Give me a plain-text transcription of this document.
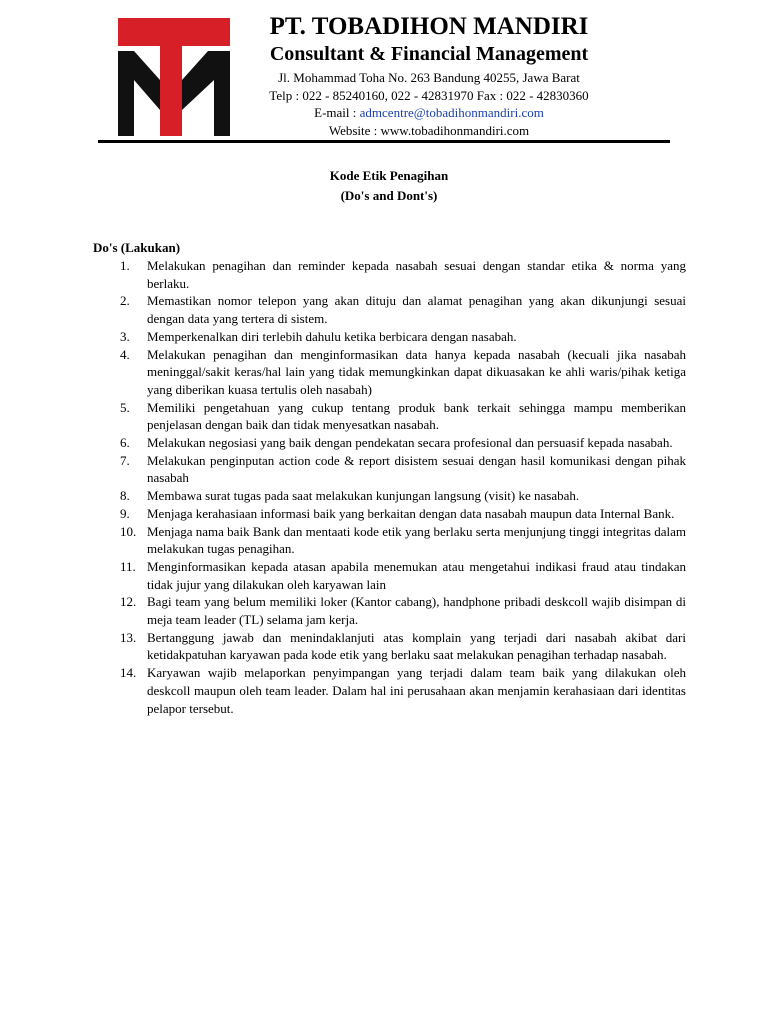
PT. TOBADIHON MANDIRI
Consultant & Financial Management
Jl. Mohammad Toha No. 263 Bandung 40255, Jawa Barat
Telp : 022 - 85240160, 022 - 42831970 Fax : 022 - 42830360
E-mail : admcentre@tobadihonmandiri.com
Website : www.tobadihonmandiri.com
Kode Etik Penagihan
(Do's and Dont's)
Do's (Lakukan)
1. Melakukan penagihan dan reminder kepada nasabah sesuai dengan standar etika & norma yang berlaku.
2. Memastikan nomor telepon yang akan dituju dan alamat penagihan yang akan dikunjungi sesuai dengan data yang tertera di sistem.
3. Memperkenalkan diri terlebih dahulu ketika berbicara dengan nasabah.
4. Melakukan penagihan dan menginformasikan data hanya kepada nasabah (kecuali jika nasabah meninggal/sakit keras/hal lain yang tidak memungkinkan dapat dikuasakan ke ahli waris/pihak ketiga yang diberikan kuasa tertulis oleh nasabah)
5. Memiliki pengetahuan yang cukup tentang produk bank terkait sehingga mampu memberikan penjelasan dengan baik dan tidak menyesatkan nasabah.
6. Melakukan negosiasi yang baik dengan pendekatan secara profesional dan persuasif kepada nasabah.
7. Melakukan penginputan action code & report disistem sesuai dengan hasil komunikasi dengan pihak nasabah
8. Membawa surat tugas pada saat melakukan kunjungan langsung (visit) ke nasabah.
9. Menjaga kerahasiaan informasi baik yang berkaitan dengan data nasabah maupun data Internal Bank.
10. Menjaga nama baik Bank dan mentaati kode etik yang berlaku serta menjunjung tinggi integritas dalam melakukan tugas penagihan.
11. Menginformasikan kepada atasan apabila menemukan atau mengetahui indikasi fraud atau tindakan tidak jujur yang dilakukan oleh karyawan lain
12. Bagi team yang belum memiliki loker (Kantor cabang), handphone pribadi deskcoll wajib disimpan di meja team leader (TL) selama jam kerja.
13. Bertanggung jawab dan menindaklanjuti atas komplain yang terjadi dari nasabah akibat dari ketidakpatuhan karyawan pada kode etik yang berlaku saat melakukan penagihan terhadap nasabah.
14. Karyawan wajib melaporkan penyimpangan yang terjadi dalam team baik yang dilakukan oleh deskcoll maupun oleh team leader. Dalam hal ini perusahaan akan menjamin kerahasiaan dari identitas pelapor tersebut.
